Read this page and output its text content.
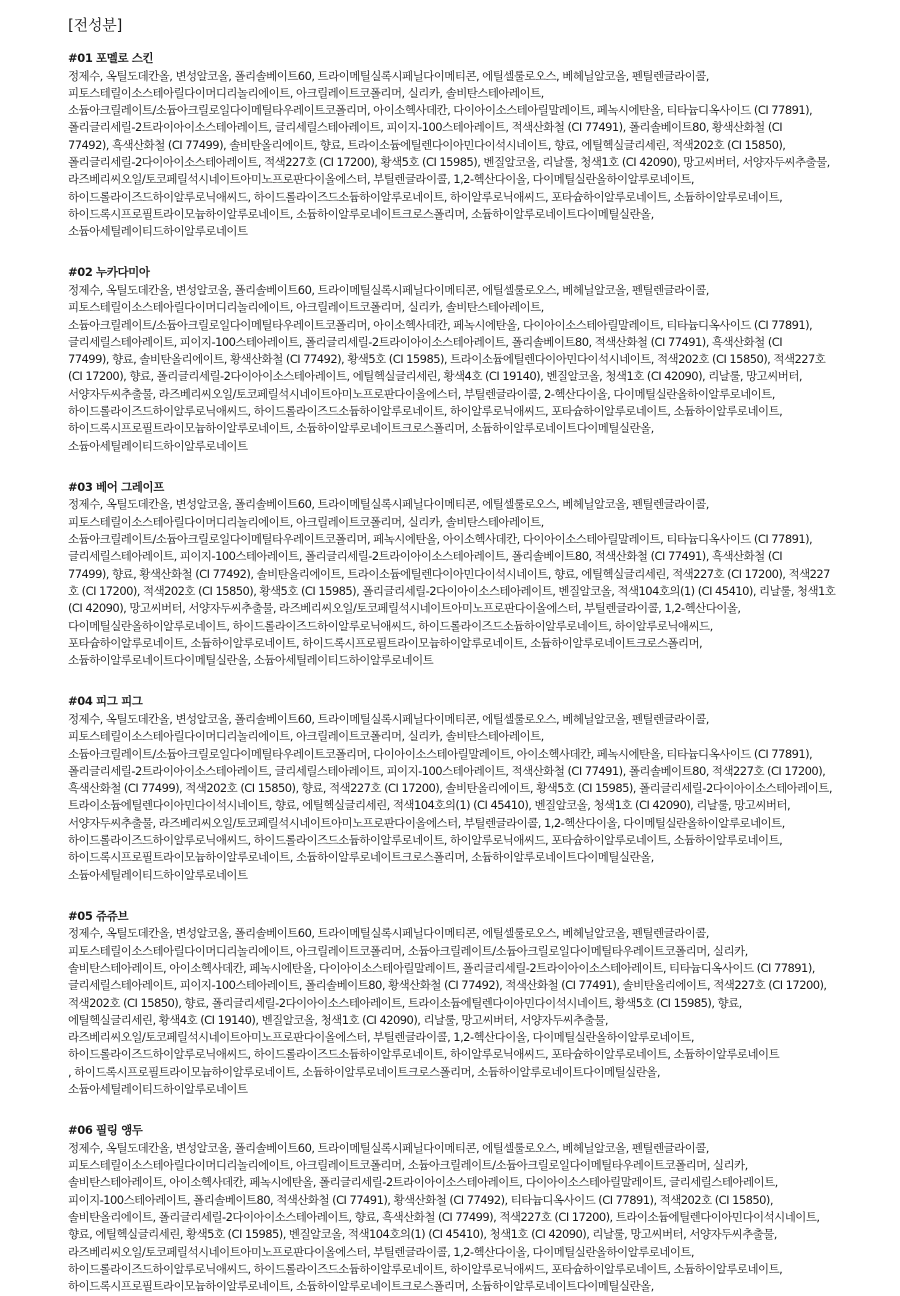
[전성분]
#01 포멜로 스킨
정제수, 옥틸도데칸올, 변성알코올, 폴리솔베이트60, 트라이메틸실록시페닐다이메티콘, 에틸셀룰로오스, 베헤닐알코올, 펜틸렌글라이콜,
피토스테릴이소스테아릴다이머디리놀리에이트, 아크릴레이트코폴리머, 실리카, 솔비탄스테아레이트,
소듐아크릴레이트/소듐아크릴로일다이메틸타우레이트코폴리머, 아이소헥사데칸, 다이아이소스테아릴말레이트, 페녹시에탄올, 티타늄디옥사이드 (CI 77891),
폴리글리세릴-2트라이아이소스테아레이트, 글리세릴스테아레이트, 피이지-100스테아레이트, 적색산화철 (CI 77491), 폴리솔베이트80, 황색산화철 (CI
77492), 흑색산화철 (CI 77499), 솔비탄올리에이트, 향료, 트라이소듐에틸렌다이아민다이석시네이트, 향료, 에틸헥실글리세린, 적색202호 (CI 15850),
폴리글리세릴-2다이아이소스테아레이트, 적색227호 (CI 17200), 황색5호 (CI 15985), 벤질알코올, 리날룰, 청색1호 (CI 42090), 망고씨버터, 서양자두씨추출물,
라즈베리씨오일/토코페릴석시네이트아미노프로판다이올에스터, 부틸렌글라이콜, 1,2-헥산다이올, 다이메틸실란올하이알루로네이트,
하이드롤라이즈드하이알루로닉애씨드, 하이드롤라이즈드소듐하이알루로네이트, 하이알루로닉애씨드, 포타슘하이알루로네이트, 소듐하이알루로네이트,
하이드록시프로필트라이모늄하이알루로네이트, 소듐하이알루로네이트크로스폴리머, 소듐하이알루로네이트다이메틸실란올,
소듐아세틸레이티드하이알루로네이트
#02 누카다미아
정제수, 옥틸도데칸올, 변성알코올, 폴리솔베이트60, 트라이메틸실록시페닐다이메티콘, 에틸셀룰로오스, 베헤닐알코올, 펜틸렌글라이콜,
피토스테릴이소스테아릴다이머디리놀리에이트, 아크릴레이트코폴리머, 실리카, 솔비탄스테아레이트,
소듐아크릴레이트/소듐아크릴로일다이메틸타우레이트코폴리머, 아이소헥사데칸, 페녹시에탄올, 다이아이소스테아릴말레이트, 티타늄디옥사이드 (CI 77891),
글리세릴스테아레이트, 피이지-100스테아레이트, 폴리글리세릴-2트라이아이소스테아레이트, 폴리솔베이트80, 적색산화철 (CI 77491), 흑색산화철 (CI
77499), 향료, 솔비탄올리에이트, 황색산화철 (CI 77492), 황색5호 (CI 15985), 트라이소듐에틸렌다이아민다이석시네이트, 적색202호 (CI 15850), 적색227호
(CI 17200), 향료, 폴리글리세릴-2다이아이소스테아레이트, 에틸헥실글리세린, 황색4호 (CI 19140), 벤질알코올, 청색1호 (CI 42090), 리날룰, 망고씨버터,
서양자두씨추출물, 라즈베리씨오일/토코페릴석시네이트아미노프로판다이올에스터, 부틸렌글라이콜, 2-헥산다이올, 다이메틸실란올하이알루로네이트,
하이드롤라이즈드하이알루로닉애씨드, 하이드롤라이즈드소듐하이알루로네이트, 하이알루로닉애씨드, 포타슘하이알루로네이트, 소듐하이알루로네이트,
하이드록시프로필트라이모늄하이알루로네이트, 소듐하이알루로네이트크로스폴리머, 소듐하이알루로네이트다이메틸실란올,
소듐아세틸레이티드하이알루로네이트
#03 베어 그레이프
정제수, 옥틸도데칸올, 변성알코올, 폴리솔베이트60, 트라이메틸실록시페닐다이메티콘, 에틸셀룰로오스, 베헤닐알코올, 펜틸렌글라이콜,
피토스테릴이소스테아릴다이머디리놀리에이트, 아크릴레이트코폴리머, 실리카, 솔비탄스테아레이트,
소듐아크릴레이트/소듐아크릴로일다이메틸타우레이트코폴리머, 페녹시에탄올, 아이소헥사데칸, 다이아이소스테아릴말레이트, 티타늄디옥사이드 (CI 77891),
글리세릴스테아레이트, 피이지-100스테아레이트, 폴리글리세릴-2트라이아이소스테아레이트, 폴리솔베이트80, 적색산화철 (CI 77491), 흑색산화철 (CI
77499), 향료, 황색산화철 (CI 77492), 솔비탄올리에이트, 트라이소듐에틸렌다이아민다이석시네이트, 향료, 에틸헥실글리세린, 적색227호 (CI 17200), 적색227
호 (CI 17200), 적색202호 (CI 15850), 황색5호 (CI 15985), 폴리글리세릴-2다이아이소스테아레이트, 벤질알코올, 적색104호의(1) (CI 45410), 리날룰, 청색1호
(CI 42090), 망고씨버터, 서양자두씨추출물, 라즈베리씨오일/토코페릴석시네이트아미노프로판다이올에스터, 부틸렌글라이콜, 1,2-헥산다이올,
다이메틸실란올하이알루로네이트, 하이드롤라이즈드하이알루로닉애씨드, 하이드롤라이즈드소듐하이알루로네이트, 하이알루로닉애씨드,
포타슘하이알루로네이트, 소듐하이알루로네이트, 하이드록시프로필트라이모늄하이알루로네이트, 소듐하이알루로네이트크로스폴리머,
소듐하이알루로네이트다이메틸실란올, 소듐아세틸레이티드하이알루로네이트
#04 피그 피그
정제수, 옥틸도데칸올, 변성알코올, 폴리솔베이트60, 트라이메틸실록시페닐다이메티콘, 에틸셀룰로오스, 베헤닐알코올, 펜틸렌글라이콜,
피토스테릴이소스테아릴다이머디리놀리에이트, 아크릴레이트코폴리머, 실리카, 솔비탄스테아레이트,
소듐아크릴레이트/소듐아크릴로일다이메틸타우레이트코폴리머, 다이아이소스테아릴말레이트, 아이소헥사데칸, 페녹시에탄올, 티타늄디옥사이드 (CI 77891),
폴리글리세릴-2트라이아이소스테아레이트, 글리세릴스테아레이트, 피이지-100스테아레이트, 적색산화철 (CI 77491), 폴리솔베이트80, 적색227호 (CI 17200),
흑색산화철 (CI 77499), 적색202호 (CI 15850), 향료, 적색227호 (CI 17200), 솔비탄올리에이트, 황색5호 (CI 15985), 폴리글리세릴-2다이아이소스테아레이트,
트라이소듐에틸렌다이아민다이석시네이트, 향료, 에틸헥실글리세린, 적색104호의(1) (CI 45410), 벤질알코올, 청색1호 (CI 42090), 리날룰, 망고씨버터,
서양자두씨추출물, 라즈베리씨오일/토코페릴석시네이트아미노프로판다이올에스터, 부틸렌글라이콜, 1,2-헥산다이올, 다이메틸실란올하이알루로네이트,
하이드롤라이즈드하이알루로닉애씨드, 하이드롤라이즈드소듐하이알루로네이트, 하이알루로닉애씨드, 포타슘하이알루로네이트, 소듐하이알루로네이트,
하이드록시프로필트라이모늄하이알루로네이트, 소듐하이알루로네이트크로스폴리머, 소듐하이알루로네이트다이메틸실란올,
소듐아세틸레이티드하이알루로네이트
#05 쥬쥬브
정제수, 옥틸도데칸올, 변성알코올, 폴리솔베이트60, 트라이메틸실록시페닐다이메티콘, 에틸셀룰로오스, 베헤닐알코올, 펜틸렌글라이콜,
피토스테릴이소스테아릴다이머디리놀리에이트, 아크릴레이트코폴리머, 소듐아크릴레이트/소듐아크릴로일다이메틸타우레이트코폴리머, 실리카,
솔비탄스테아레이트, 아이소헥사데칸, 페녹시에탄올, 다이아이소스테아릴말레이트, 폴리글리세릴-2트라이아이소스테아레이트, 티타늄디옥사이드 (CI 77891),
글리세릴스테아레이트, 피이지-100스테아레이트, 폴리솔베이트80, 황색산화철 (CI 77492), 적색산화철 (CI 77491), 솔비탄올리에이트, 적색227호 (CI 17200),
적색202호 (CI 15850), 향료, 폴리글리세릴-2다이아이소스테아레이트, 트라이소듐에틸렌다이아민다이석시네이트, 황색5호 (CI 15985), 향료,
에틸헥실글리세린, 황색4호 (CI 19140), 벤질알코올, 청색1호 (CI 42090), 리날룰, 망고씨버터, 서양자두씨추출물,
라즈베리씨오일/토코페릴석시네이트아미노프로판다이올에스터, 부틸렌글라이콜, 1,2-헥산다이올, 다이메틸실란올하이알루로네이트,
하이드롤라이즈드하이알루로닉애씨드, 하이드롤라이즈드소듐하이알루로네이트, 하이알루로닉애씨드, 포타슘하이알루로네이트, 소듐하이알루로네이트
, 하이드록시프로필트라이모늄하이알루로네이트, 소듐하이알루로네이트크로스폴리머, 소듐하이알루로네이트다이메틸실란올,
소듐아세틸레이티드하이알루로네이트
#06 필링 앵두
정제수, 옥틸도데칸올, 변성알코올, 폴리솔베이트60, 트라이메틸실록시페닐다이메티콘, 에틸셀룰로오스, 베헤닐알코올, 펜틸렌글라이콜,
피토스테릴이소스테아릴다이머디리놀리에이트, 아크릴레이트코폴리머, 소듐아크릴레이트/소듐아크릴로일다이메틸타우레이트코폴리머, 실리카,
솔비탄스테아레이트, 아이소헥사데칸, 페녹시에탄올, 폴리글리세릴-2트라이아이소스테아레이트, 다이아이소스테아릴말레이트, 글리세릴스테아레이트,
피이지-100스테아레이트, 폴리솔베이트80, 적색산화철 (CI 77491), 황색산화철 (CI 77492), 티타늄디옥사이드 (CI 77891), 적색202호 (CI 15850),
솔비탄올리에이트, 폴리글리세릴-2다이아이소스테아레이트, 향료, 흑색산화철 (CI 77499), 적색227호 (CI 17200), 트라이소듐에틸렌다이아민다이석시네이트,
향료, 에틸헥실글리세린, 황색5호 (CI 15985), 벤질알코올, 적색104호의(1) (CI 45410), 청색1호 (CI 42090), 리날룰, 망고씨버터, 서양자두씨추출물,
라즈베리씨오일/토코페릴석시네이트아미노프로판다이올에스터, 부틸렌글라이콜, 1,2-헥산다이올, 다이메틸실란올하이알루로네이트,
하이드롤라이즈드하이알루로닉애씨드, 하이드롤라이즈드소듐하이알루로네이트, 하이알루로닉애씨드, 포타슘하이알루로네이트, 소듐하이알루로네이트,
하이드록시프로필트라이모늄하이알루로네이트, 소듐하이알루로네이트크로스폴리머, 소듐하이알루로네이트다이메틸실란올,
